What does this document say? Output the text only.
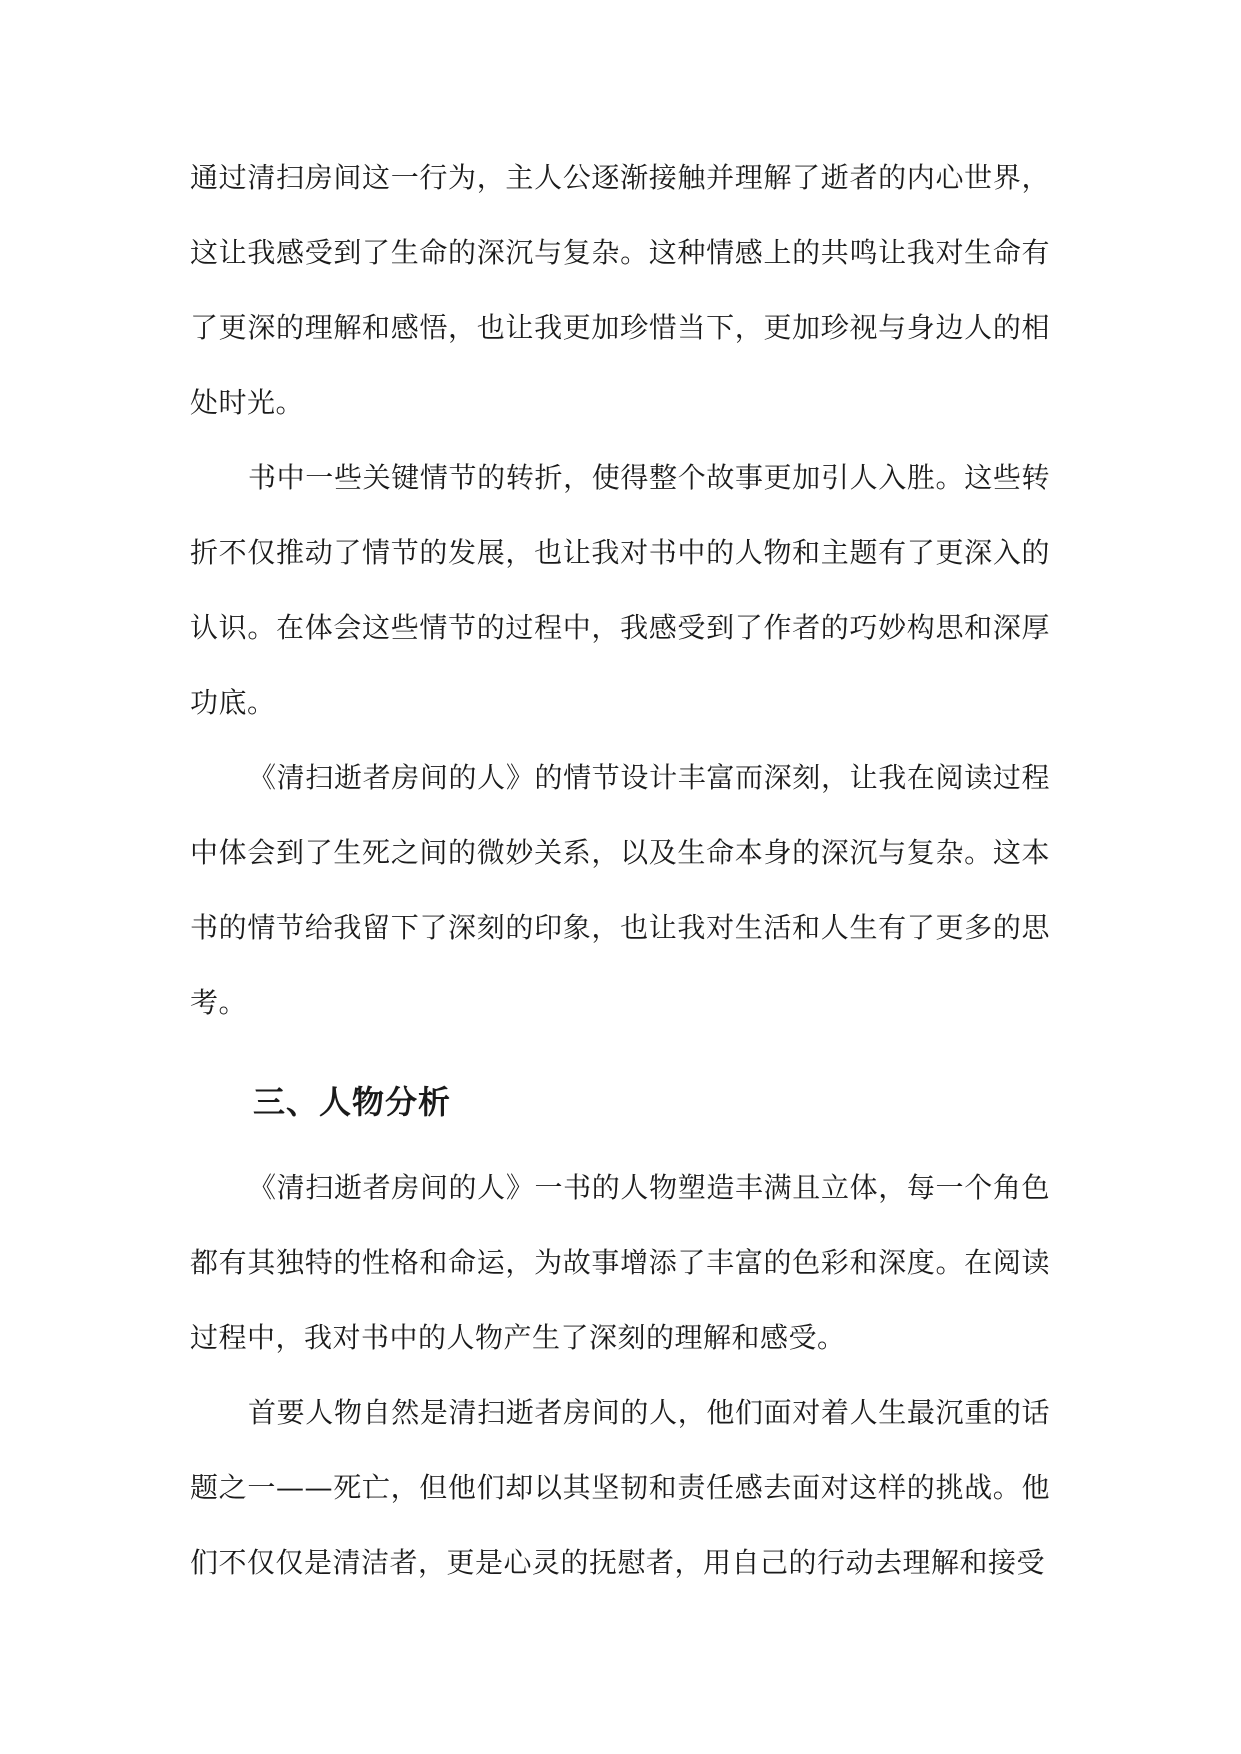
通过清扫房间这一行为，主人公逐渐接触并理解了逝者的内心世界，这让我感受到了生命的深沉与复杂。这种情感上的共鸣让我对生命有了更深的理解和感悟，也让我更加珍惜当下，更加珍视与身边人的相处时光。

书中一些关键情节的转折，使得整个故事更加引人入胜。这些转折不仅推动了情节的发展，也让我对书中的人物和主题有了更深入的认识。在体会这些情节的过程中，我感受到了作者的巧妙构思和深厚功底。

《清扫逝者房间的人》的情节设计丰富而深刻，让我在阅读过程中体会到了生死之间的微妙关系，以及生命本身的深沉与复杂。这本书的情节给我留下了深刻的印象，也让我对生活和人生有了更多的思考。

三、人物分析

《清扫逝者房间的人》一书的人物塑造丰满且立体，每一个角色都有其独特的性格和命运，为故事增添了丰富的色彩和深度。在阅读过程中，我对书中的人物产生了深刻的理解和感受。

首要人物自然是清扫逝者房间的人，他们面对着人生最沉重的话题之一——死亡，但他们却以其坚韧和责任感去面对这样的挑战。他们不仅仅是清洁者，更是心灵的抚慰者，用自己的行动去理解和接受
